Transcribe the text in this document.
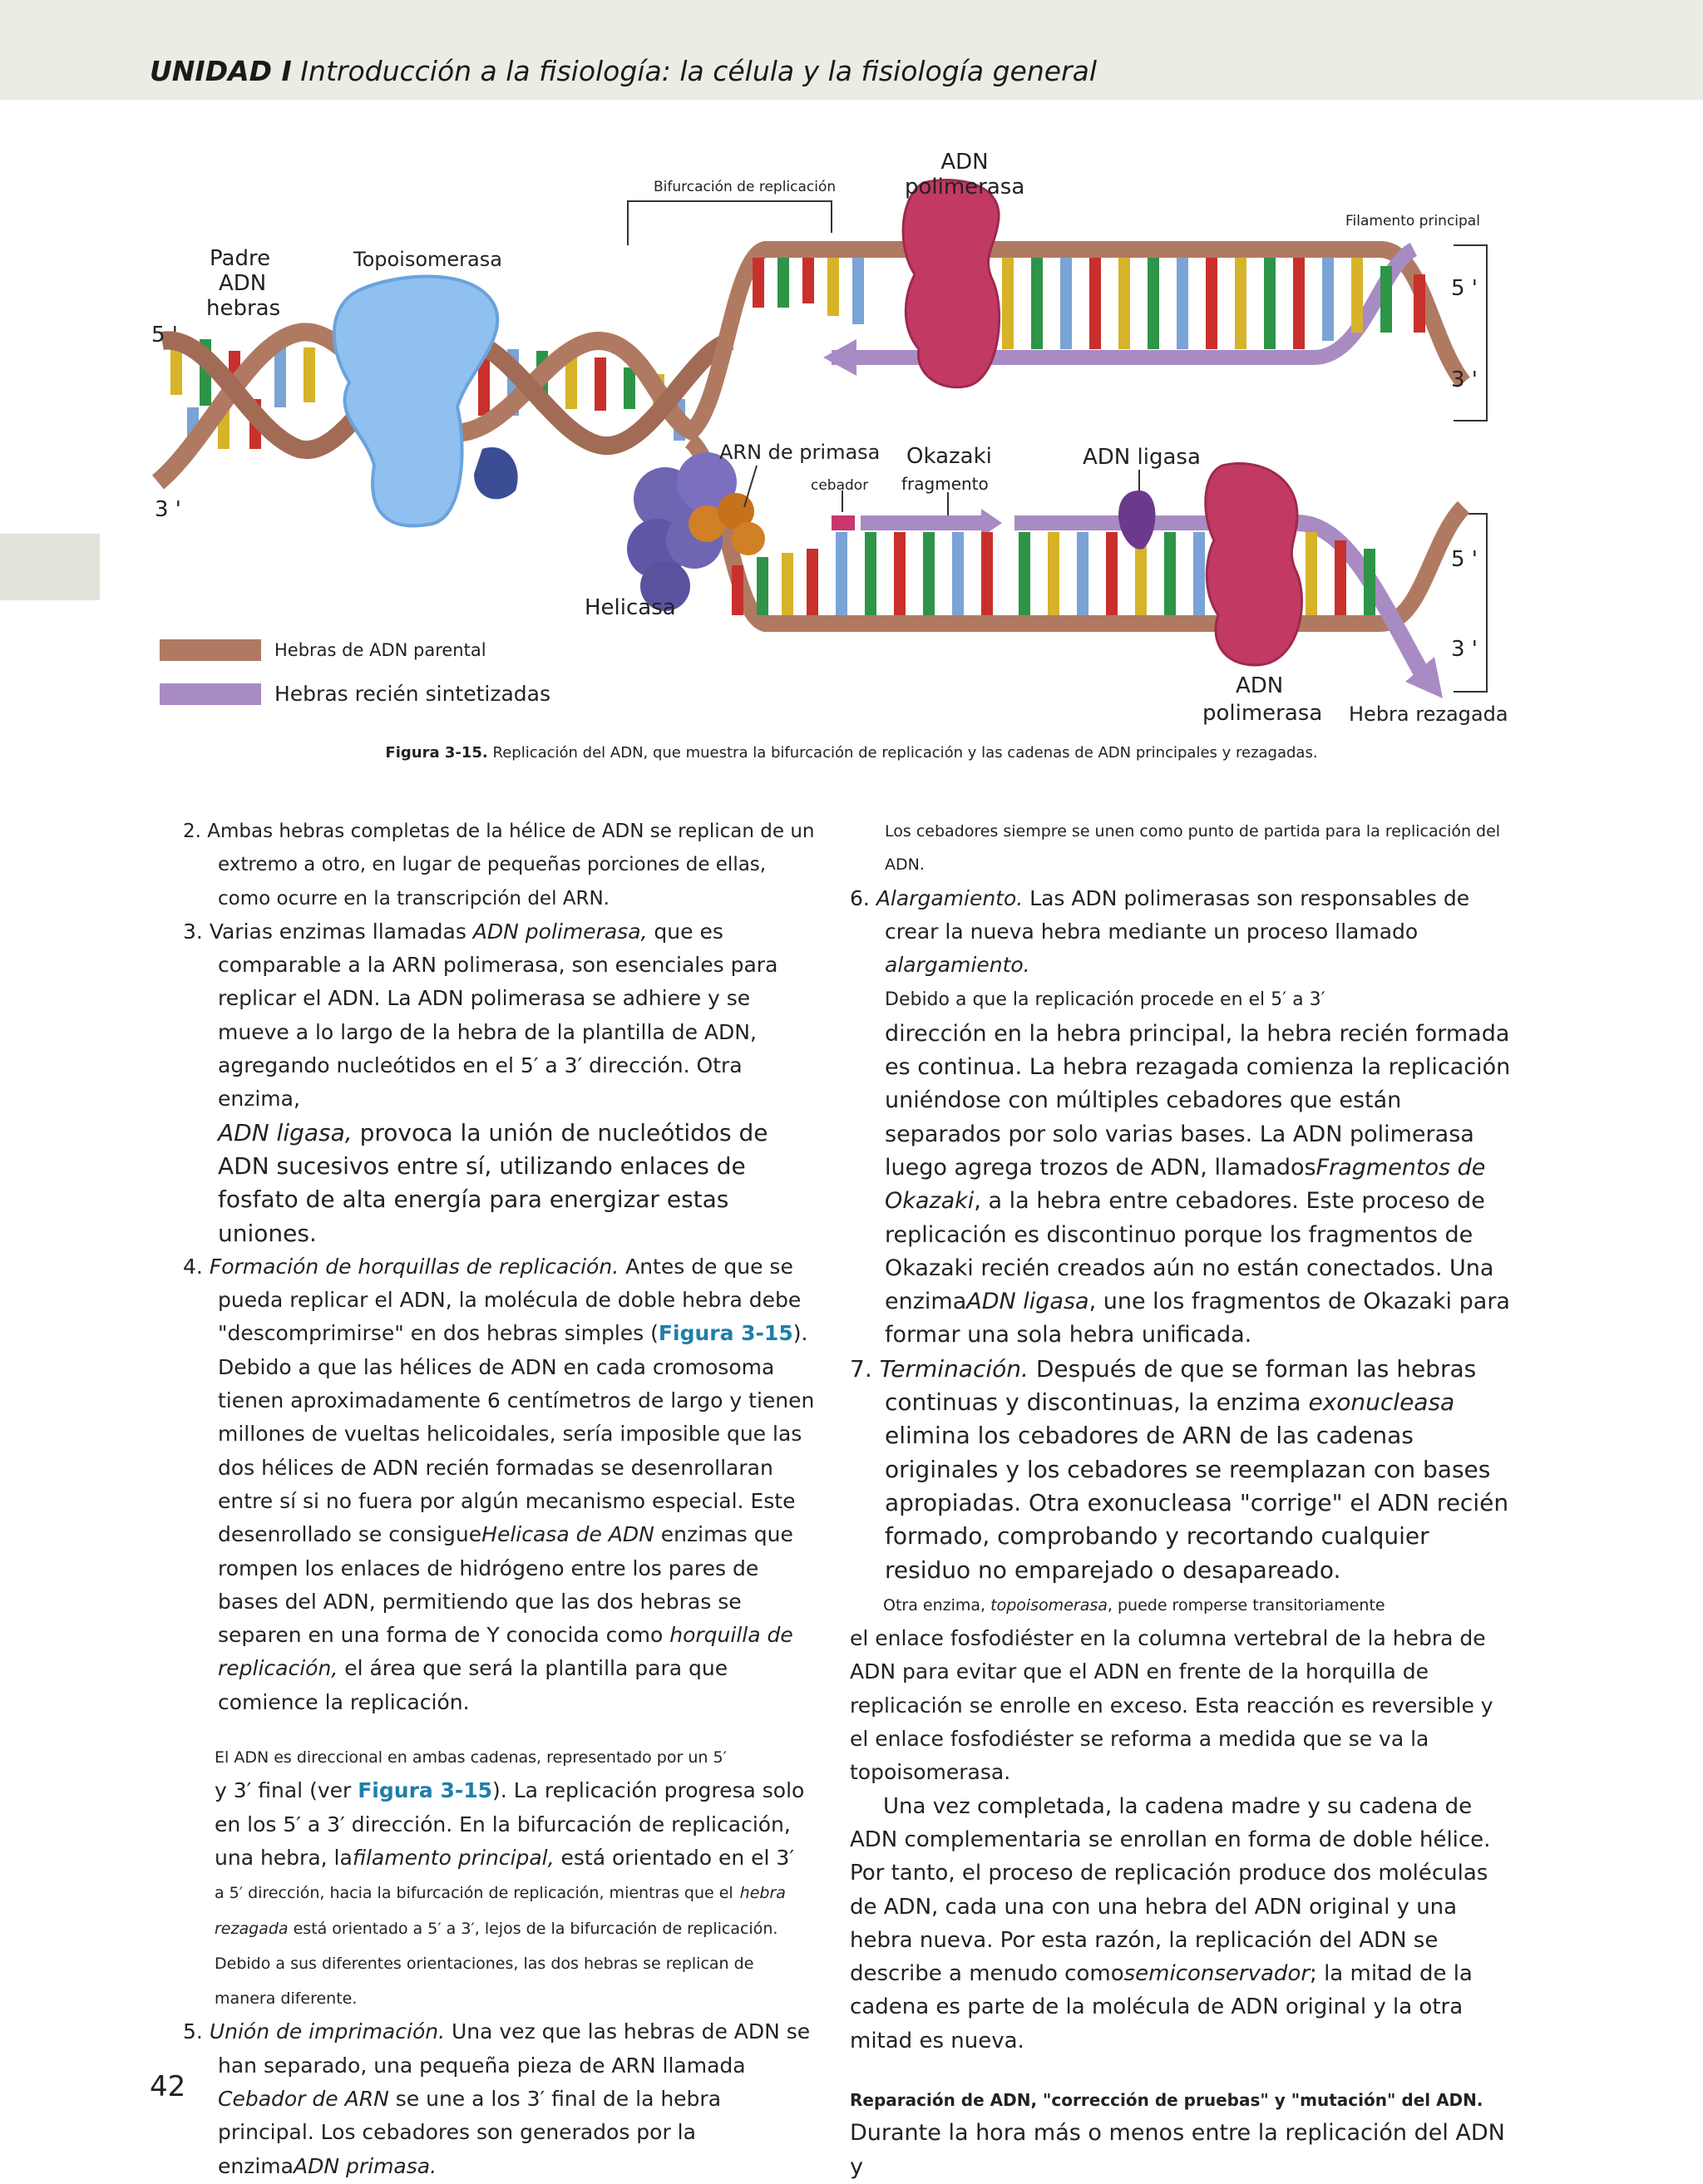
UNIDAD I Introducción a la fisiología: la célula y la fisiología general
Bifurcación de replicación
ADN
polimerasa
Filamento principal
Padre
ADN
hebras
Topoisomerasa
5 '
3 '
5 '
3 '
ARN de primasa
cebador
Okazaki
fragmento
ADN ligasa
5 '
3 '
Helicasa
ADN
polimerasa Hebra rezagada
Hebras de ADN parental
Hebras recién sintetizadas
Figura 3-15. Replicación del ADN, que muestra la bifurcación de replicación y las cadenas de ADN principales y rezagadas.

2. Ambas hebras completas de la hélice de ADN se replican de un extremo a otro, en lugar de pequeñas porciones de ellas, como ocurre en la transcripción del ARN.

3. Varias enzimas llamadas ADN polimerasa, que es comparable a la ARN polimerasa, son esenciales para replicar el ADN. La ADN polimerasa se adhiere y se mueve a lo largo de la hebra de la plantilla de ADN, agregando nucleótidos en el 5′ a 3′ dirección. Otra enzima,

ADN ligasa, provoca la unión de nucleótidos de ADN sucesivos entre sí, utilizando enlaces de fosfato de alta energía para energizar estas uniones.

4. Formación de horquillas de replicación. Antes de que se pueda replicar el ADN, la molécula de doble hebra debe "descomprimirse" en dos hebras simples (Figura 3-15). Debido a que las hélices de ADN en cada cromosoma tienen aproximadamente 6 centímetros de largo y tienen millones de vueltas helicoidales, sería imposible que las dos hélices de ADN recién formadas se desenrollaran entre sí si no fuera por algún mecanismo especial. Este desenrollado se consigueHelicasa de ADN enzimas que rompen los enlaces de hidrógeno entre los pares de bases del ADN, permitiendo que las dos hebras se separen en una forma de Y conocida como horquilla de replicación, el área que será la plantilla para que comience la replicación.

El ADN es direccional en ambas cadenas, representado por un 5′
y 3′ final (ver Figura 3-15). La replicación progresa solo en los 5′ a 3′ dirección. En la bifurcación de replicación, una hebra, lafilamento principal, está orientado en el 3′
a 5′ dirección, hacia la bifurcación de replicación, mientras que el hebra rezagada está orientado a 5′ a 3′, lejos de la bifurcación de replicación. Debido a sus diferentes orientaciones, las dos hebras se replican de manera diferente.

5. Unión de imprimación. Una vez que las hebras de ADN se han separado, una pequeña pieza de ARN llamada Cebador de ARN se une a los 3′ final de la hebra principal. Los cebadores son generados por la enzimaADN primasa.

Los cebadores siempre se unen como punto de partida para la replicación del ADN.

6. Alargamiento. Las ADN polimerasas son responsables de crear la nueva hebra mediante un proceso llamado alargamiento.

Debido a que la replicación procede en el 5′ a 3′
dirección en la hebra principal, la hebra recién formada es continua. La hebra rezagada comienza la replicación uniéndose con múltiples cebadores que están separados por solo varias bases. La ADN polimerasa luego agrega trozos de ADN, llamadosFragmentos de Okazaki, a la hebra entre cebadores. Este proceso de replicación es discontinuo porque los fragmentos de Okazaki recién creados aún no están conectados. Una enzimaADN ligasa, une los fragmentos de Okazaki para formar una sola hebra unificada.

7. Terminación. Después de que se forman las hebras continuas y discontinuas, la enzima exonucleasa elimina los cebadores de ARN de las cadenas originales y los cebadores se reemplazan con bases apropiadas. Otra exonucleasa "corrige" el ADN recién formado, comprobando y recortando cualquier residuo no emparejado o desapareado.

Otra enzima, topoisomerasa, puede romperse transitoriamente
el enlace fosfodiéster en la columna vertebral de la hebra de ADN para evitar que el ADN en frente de la horquilla de replicación se enrolle en exceso. Esta reacción es reversible y el enlace fosfodiéster se reforma a medida que se va la topoisomerasa.

Una vez completada, la cadena madre y su cadena de ADN complementaria se enrollan en forma de doble hélice. Por tanto, el proceso de replicación produce dos moléculas de ADN, cada una con una hebra del ADN original y una hebra nueva. Por esta razón, la replicación del ADN se describe a menudo comosemiconservador; la mitad de la cadena es parte de la molécula de ADN original y la otra mitad es nueva.

Reparación de ADN, "corrección de pruebas" y "mutación" del ADN.
Durante la hora más o menos entre la replicación del ADN y

42
